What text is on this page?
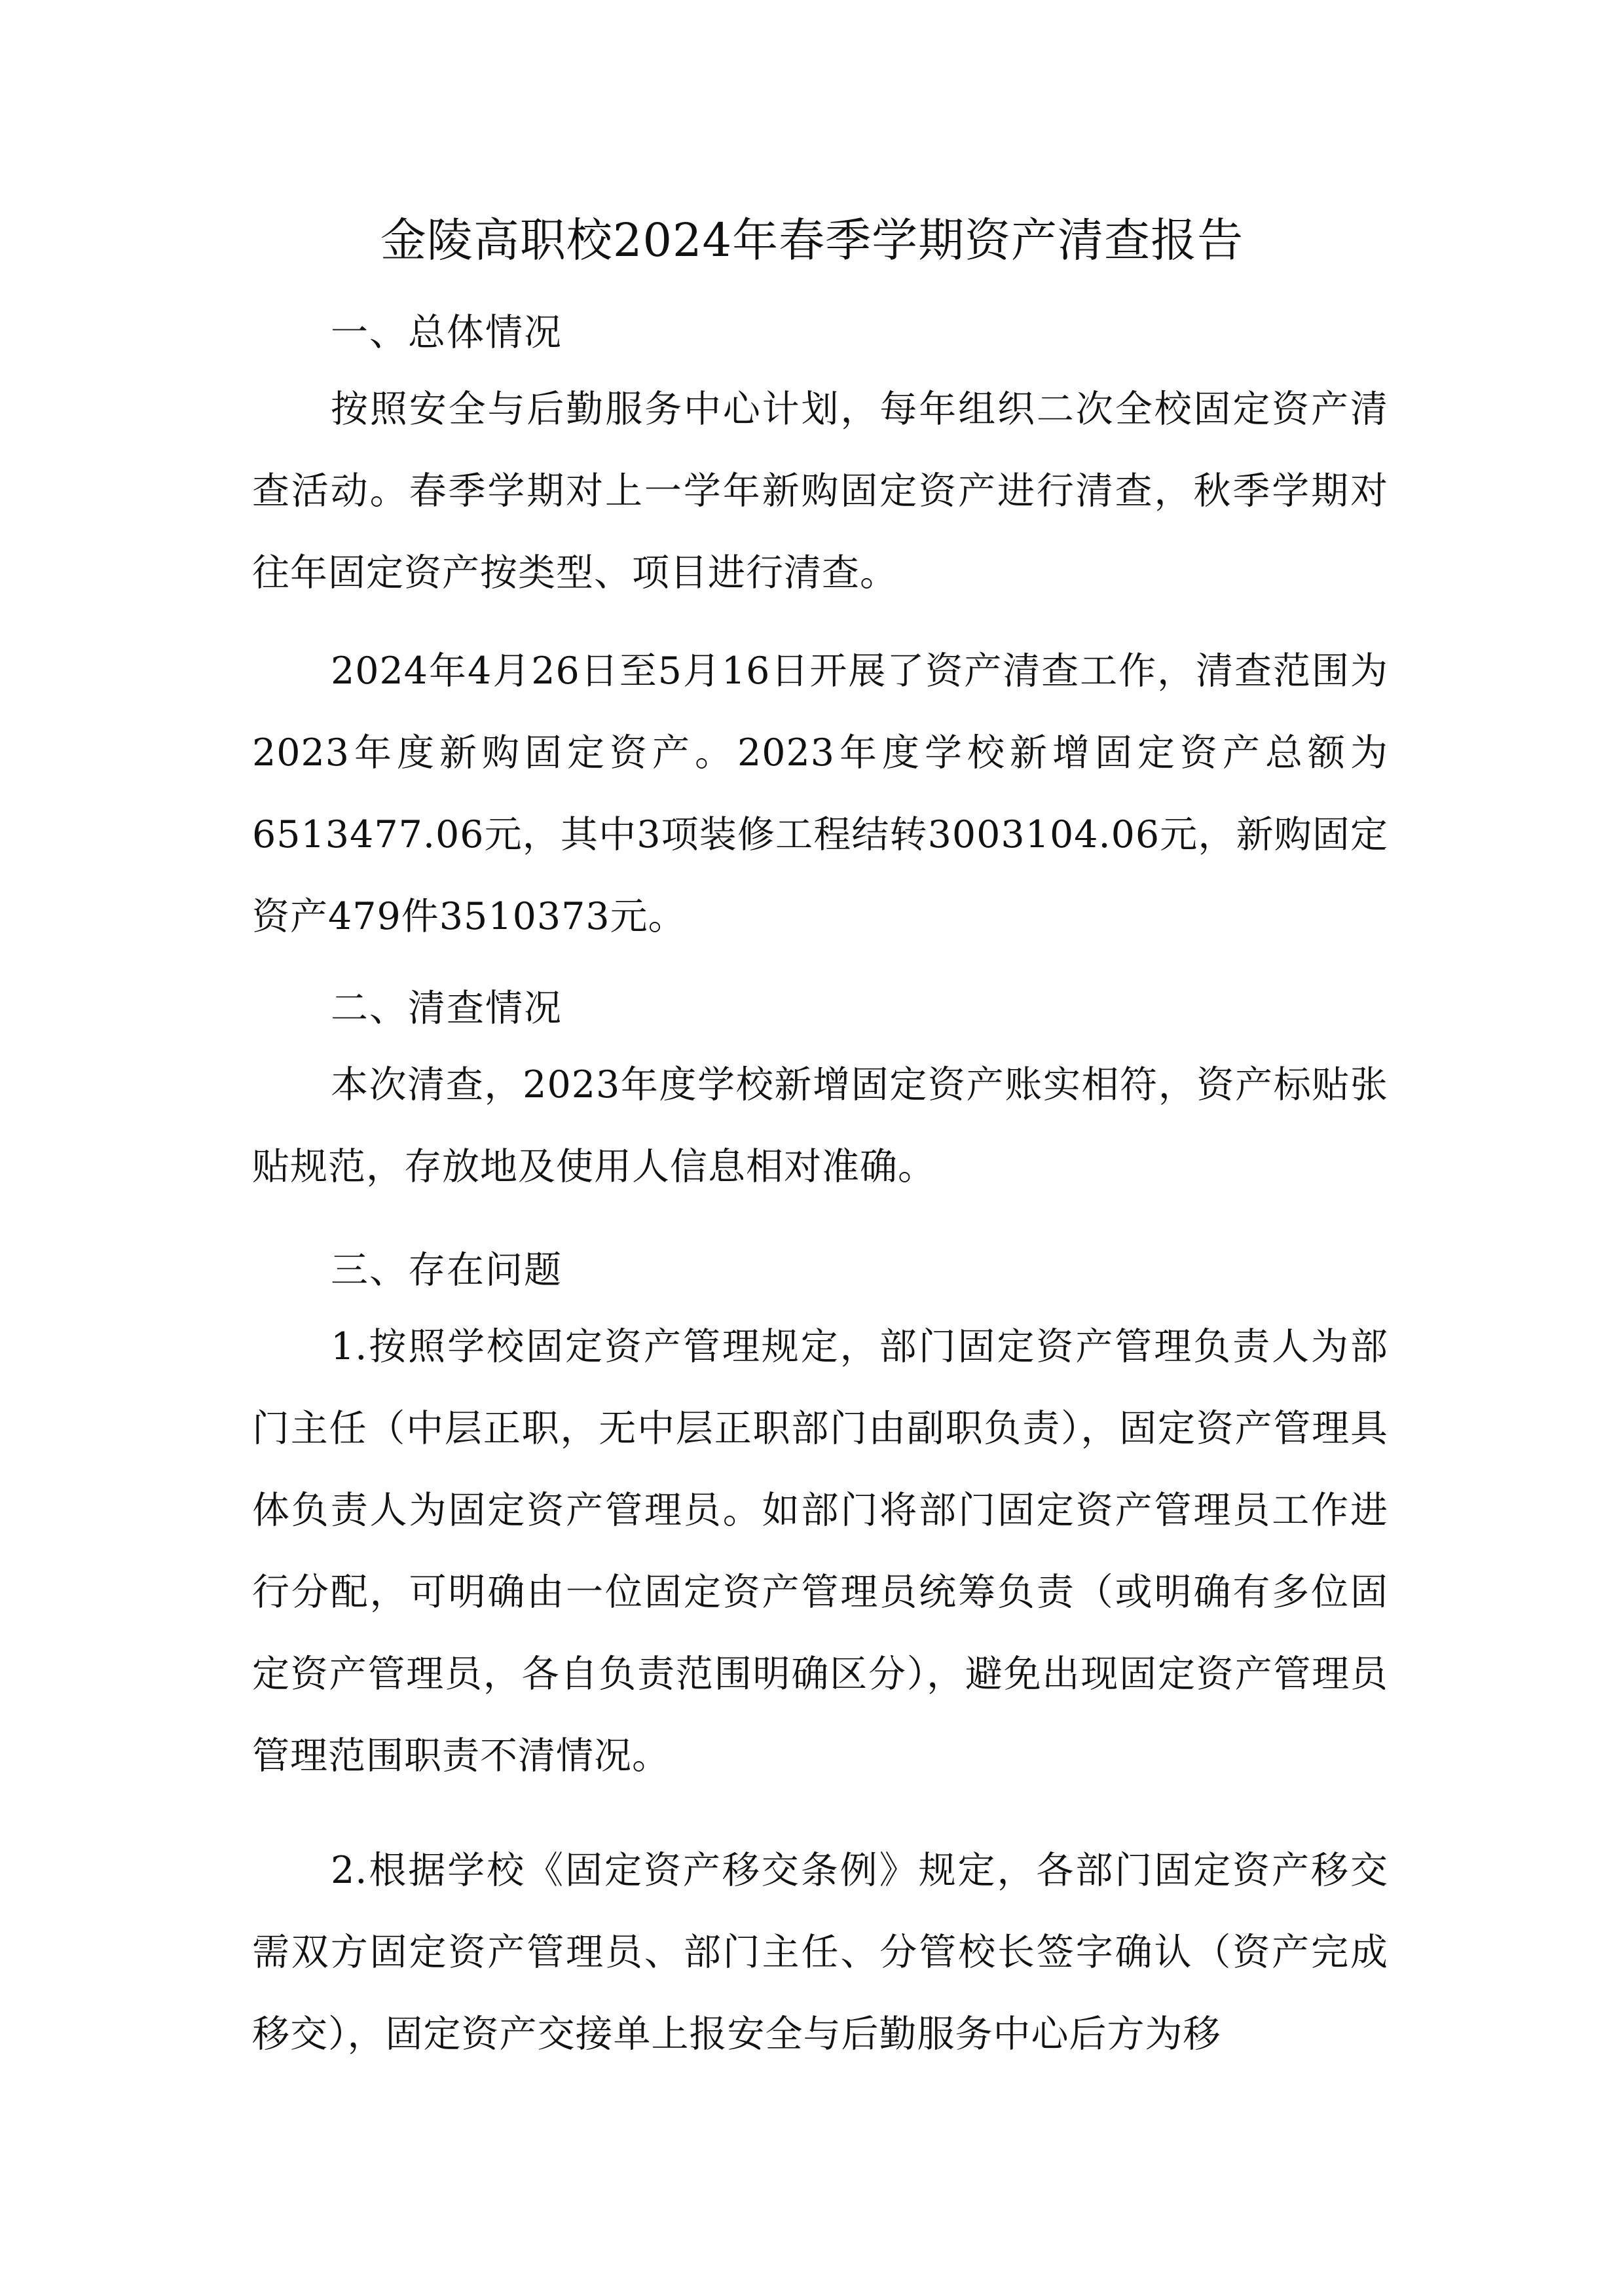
金陵高职校2024年春季学期资产清查报告
一、总体情况
按照安全与后勤服务中心计划，每年组织二次全校固定资产清查活动。春季学期对上一学年新购固定资产进行清查，秋季学期对往年固定资产按类型、项目进行清查。
2024年4月26日至5月16日开展了资产清查工作，清查范围为2023年度新购固定资产。2023年度学校新增固定资产总额为6513477.06元，其中3项装修工程结转3003104.06元，新购固定资产479件3510373元。
二、清查情况
本次清查，2023年度学校新增固定资产账实相符，资产标贴张贴规范，存放地及使用人信息相对准确。
三、存在问题
1.按照学校固定资产管理规定，部门固定资产管理负责人为部门主任（中层正职，无中层正职部门由副职负责），固定资产管理具体负责人为固定资产管理员。如部门将部门固定资产管理员工作进行分配，可明确由一位固定资产管理员统筹负责（或明确有多位固定资产管理员，各自负责范围明确区分），避免出现固定资产管理员管理范围职责不清情况。
2.根据学校《固定资产移交条例》规定，各部门固定资产移交需双方固定资产管理员、部门主任、分管校长签字确认（资产完成移交），固定资产交接单上报安全与后勤服务中心后方为移
